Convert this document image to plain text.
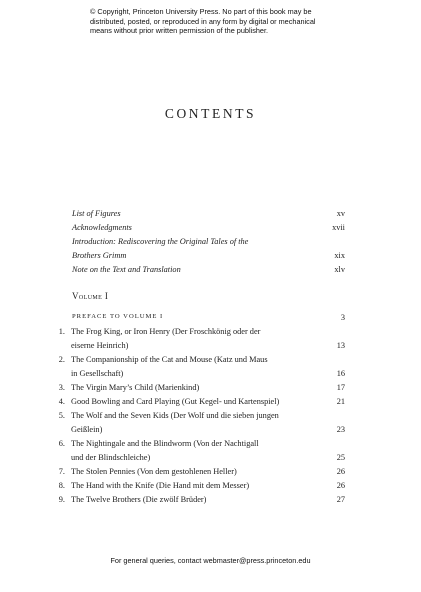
© Copyright, Princeton University Press. No part of this book may be
distributed, posted, or reproduced in any form by digital or mechanical
means without prior written permission of the publisher.
CONTENTS
List of Figures	xv
Acknowledgments	xvii
Introduction: Rediscovering the Original Tales of the
Brothers Grimm	xix
Note on the Text and Translation	xlv
Volume I
PREFACE TO VOLUME I	3
1. The Frog King, or Iron Henry (Der Froschkönig oder der
eiserne Heinrich)	13
2. The Companionship of the Cat and Mouse (Katz und Maus
in Gesellschaft)	16
3. The Virgin Mary’s Child (Marienkind)	17
4. Good Bowling and Card Playing (Gut Kegel- und Kartenspiel)	21
5. The Wolf and the Seven Kids (Der Wolf und die sieben jungen
Geißlein)	23
6. The Nightingale and the Blindworm (Von der Nachtigall
und der Blindschleiche)	25
7. The Stolen Pennies (Von dem gestohlenen Heller)	26
8. The Hand with the Knife (Die Hand mit dem Messer)	26
9. The Twelve Brothers (Die zwölf Brüder)	27
For general queries, contact webmaster@press.princeton.edu
